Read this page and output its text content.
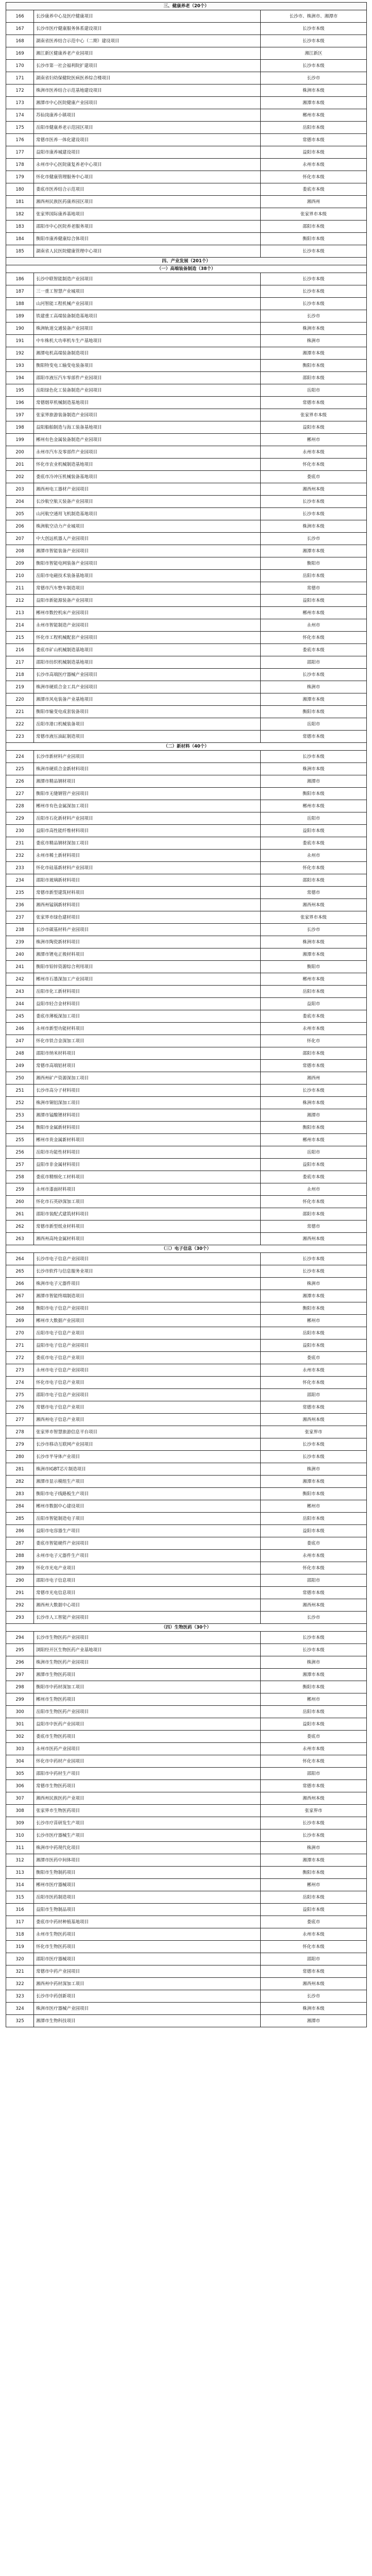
三、健康养老（20个）		
166	长沙康养中心及医疗健康项目	长沙市、株洲市、湘潭市
167	长沙市医疗健康服务体系建设项目	长沙市本级
168	湖南省医养结合示范中心（二期）建设项目	长沙市本级
169	湘江新区健康养老产业园项目	湘江新区
170	长沙市第一社会福利院扩建项目	长沙市本级
171	湖南省妇幼保健院医病医养综合楼项目	长沙市
172	株洲市医养结合示范基地建设项目	株洲市本级
173	湘潭市中心医院健康产业园项目	湘潭市本级
174	苏仙岗康养小镇项目	郴州市本级
175	岳阳市健康养老示范园区项目	岳阳市本级
176	常德市医养一体化建设项目	常德市本级
177	益阳市康养城建设项目	益阳市本级
178	永州市中心医院康复养老中心项目	永州市本级
179	怀化市健康管理服务中心项目	怀化市本级
180	娄底市医养结合示范项目	娄底市本级
181	湘西州民族医药康养园区项目	湘西州
182	张家界国际康养基地项目	张家界市本级
183	邵阳市中心医院养老服务项目	邵阳市本级
184	衡阳市康养健康综合体项目	衡阳市本级
185	湖南省人民医院健康管理中心项目	长沙市本级
四、产业发展（201个）		
（一）高端装备制造（38个）		
186	长沙中联智能制造产业园项目	长沙市本级
187	三一重工智慧产业城项目	长沙市本级
188	山河智能工程机械产业园项目	长沙市本级
189	铁建重工高端装备制造基地项目	长沙市
190	株洲轨道交通装备产业园项目	株洲市本级
191	中车株机大功率机车生产基地项目	株洲市
192	湘潭电机高端装备制造项目	湘潭市本级
193	衡阳特变电工输变电装备项目	衡阳市本级
194	邵阳市液压汽车零部件产业园项目	邵阳市本级
195	岳阳绿色化工装备制造产业园项目	岳阳市
196	常德烟草机械制造基地项目	常德市本级
197	张家界旅游装备制造产业园项目	张家界市本级
198	益阳船舶制造与海工装备基地项目	益阳市本级
199	郴州有色金属装备制造产业园项目	郴州市
200	永州市汽车及零部件产业园项目	永州市本级
201	怀化市农业机械制造基地项目	怀化市本级
202	娄底市冷冲压机械装备基地项目	娄底市
203	湘西州电工器材产业园项目	湘西州本级
204	长沙航空航天装备产业园项目	长沙市本级
205	山河航空通用飞机制造基地项目	长沙市本级
206	株洲航空动力产业城项目	株洲市本级
207	中大创远机器人产业园项目	长沙市
208	湘潭市智能装备产业园项目	湘潭市本级
209	衡阳市智能电网装备产业园项目	衡阳市
210	岳阳市电磁技术装备基地项目	岳阳市本级
211	常德市汽车整车制造项目	常德市
212	益阳市新能源装备产业园项目	益阳市本级
213	郴州市数控机床产业园项目	郴州市本级
214	永州市智能制造产业园项目	永州市
215	怀化市工程机械配套产业园项目	怀化市本级
216	娄底市矿山机械制造基地项目	娄底市本级
217	邵阳市纺织机械制造基地项目	邵阳市
218	长沙市高端医疗器械产业园项目	长沙市本级
219	株洲市硬质合金工具产业园项目	株洲市
220	湘潭市风电装备产业基地项目	湘潭市本级
221	衡阳市输变电成套装备项目	衡阳市本级
222	岳阳市港口机械装备项目	岳阳市
223	常德市液压油缸制造项目	常德市本级
（二）新材料（40个）		
224	长沙市新材料产业园项目	长沙市本级
225	株洲市硬质合金新材料项目	株洲市本级
226	湘潭市精品钢材项目	湘潭市
227	衡阳市无缝钢管产业园项目	衡阳市本级
228	郴州市有色金属深加工项目	郴州市本级
229	岳阳市石化新材料产业园项目	岳阳市
230	益阳市高性能纤维材料项目	益阳市本级
231	娄底市精品钢材深加工项目	娄底市本级
232	永州市稀土新材料项目	永州市
233	怀化市硅基新材料产业园项目	怀化市本级
234	邵阳市玻璃新材料项目	邵阳市本级
235	常德市新型建筑材料项目	常德市
236	湘西州锰锅新材料项目	湘西州本级
237	张家界市绿色建材项目	张家界市本级
238	长沙市碳基材料产业园项目	长沙市
239	株洲市陶瓷新材料项目	株洲市本级
240	湘潭市锂电正极材料项目	湘潭市本级
241	衡阳市铅锌资源综合利用项目	衡阳市
242	郴州市石墨深加工产业园项目	郴州市本级
243	岳阳市化工新材料项目	岳阳市本级
244	益阳市轻合金材料项目	益阳市
245	娄底市薄板深加工项目	娄底市本级
246	永州市新型功能材料项目	永州市本级
247	怀化市铁合金深加工项目	怀化市
248	邵阳市纳米材料项目	邵阳市本级
249	常德市高端铝材项目	常德市本级
250	湘西州矿产资源深加工项目	湘西州
251	长沙市高分子材料项目	长沙市本级
252	株洲市铜铝深加工项目	株洲市本级
253	湘潭市锰酸锂材料项目	湘潭市
254	衡阳市金属新材料项目	衡阳市本级
255	郴州市贵金属新材料项目	郴州市本级
256	岳阳市功能性材料项目	岳阳市
257	益阳市非金属材料项目	益阳市本级
258	娄底市精细化工材料项目	娄底市本级
259	永州市漆面材料项目	永州市
260	怀化市石英砂深加工项目	怀化市本级
261	邵阳市装配式建筑材料项目	邵阳市本级
262	常德市新型纸业材料项目	常德市
263	湘西州高纯金属材料项目	湘西州本级
（三）电子信息（30个）		
264	长沙市电子信息产业园项目	长沙市本级
265	长沙市软件与信息服务业项目	长沙市本级
266	株洲市电子元器件项目	株洲市
267	湘潭市智能终端制造项目	湘潭市本级
268	衡阳市电子信息产业园项目	衡阳市本级
269	郴州市大数据产业园项目	郴州市
270	岳阳市电子信息产业项目	岳阳市本级
271	益阳市电子信息产业园项目	益阳市本级
272	娄底市电子信息产业项目	娄底市
273	永州市电子信息产业园项目	永州市本级
274	怀化市电子信息产业项目	怀化市本级
275	邵阳市电子信息产业园项目	邵阳市
276	常德市电子信息产业项目	常德市本级
277	湘西州电子信息产业项目	湘西州本级
278	张家界市智慧旅游信息平台项目	张家界市
279	长沙市移动互联网产业园项目	长沙市本级
280	长沙市半导体产业项目	长沙市本级
281	株洲市IGBT芯片制造项目	株洲市
282	湘潭市显示模组生产项目	湘潭市本级
283	衡阳市电子线路板生产项目	衡阳市本级
284	郴州市数据中心建设项目	郴州市
285	岳阳市智能制造电子项目	岳阳市本级
286	益阳市电容器生产项目	益阳市本级
287	娄底市智能硬件产业园项目	娄底市
288	永州市电子元器件生产项目	永州市本级
289	怀化市光电产业项目	怀化市本级
290	邵阳市电子信息项目	邵阳市
291	常德市光电信息项目	常德市本级
292	湘西州大数据中心项目	湘西州本级
293	长沙市人工智能产业园项目	长沙市
（四）生物医药（30个）		
294	长沙市生物医药产业园项目	长沙市本级
295	浏阳经开区生物医药产业基地项目	长沙市本级
296	株洲市生物医药产业园项目	株洲市
297	湘潭市生物医药项目	湘潭市本级
298	衡阳市中药材深加工项目	衡阳市本级
299	郴州市生物医药项目	郴州市
300	岳阳市生物医药产业园项目	岳阳市本级
301	益阳市中医药产业园项目	益阳市本级
302	娄底市生物医药项目	娄底市
303	永州市医药产业园项目	永州市本级
304	怀化市中药材产业园项目	怀化市本级
305	邵阳市中药材生产项目	邵阳市
306	常德市生物医药项目	常德市本级
307	湘西州民族医药产业项目	湘西州本级
308	张家界市生物医药项目	张家界市
309	长沙市疗苗研发生产项目	长沙市本级
310	长沙市医疗器械生产项目	长沙市本级
311	株洲市中药现代化项目	株洲市
312	湘潭市医药中间体项目	湘潭市本级
313	衡阳市生物制药项目	衡阳市本级
314	郴州市医疗器械项目	郴州市
315	岳阳市医药制造项目	岳阳市本级
316	益阳市生物制品项目	益阳市本级
317	娄底市中药材种植基地项目	娄底市
318	永州市生物医药项目	永州市本级
319	怀化市生物医药项目	怀化市本级
320	邵阳市医疗器械项目	邵阳市
321	常德市中药产业园项目	常德市本级
322	湘西州中药材深加工项目	湘西州本级
323	长沙市中药创新项目	长沙市
324	株洲市医疗器械产业园项目	株洲市本级
325	湘潭市生物科技项目	湘潭市
